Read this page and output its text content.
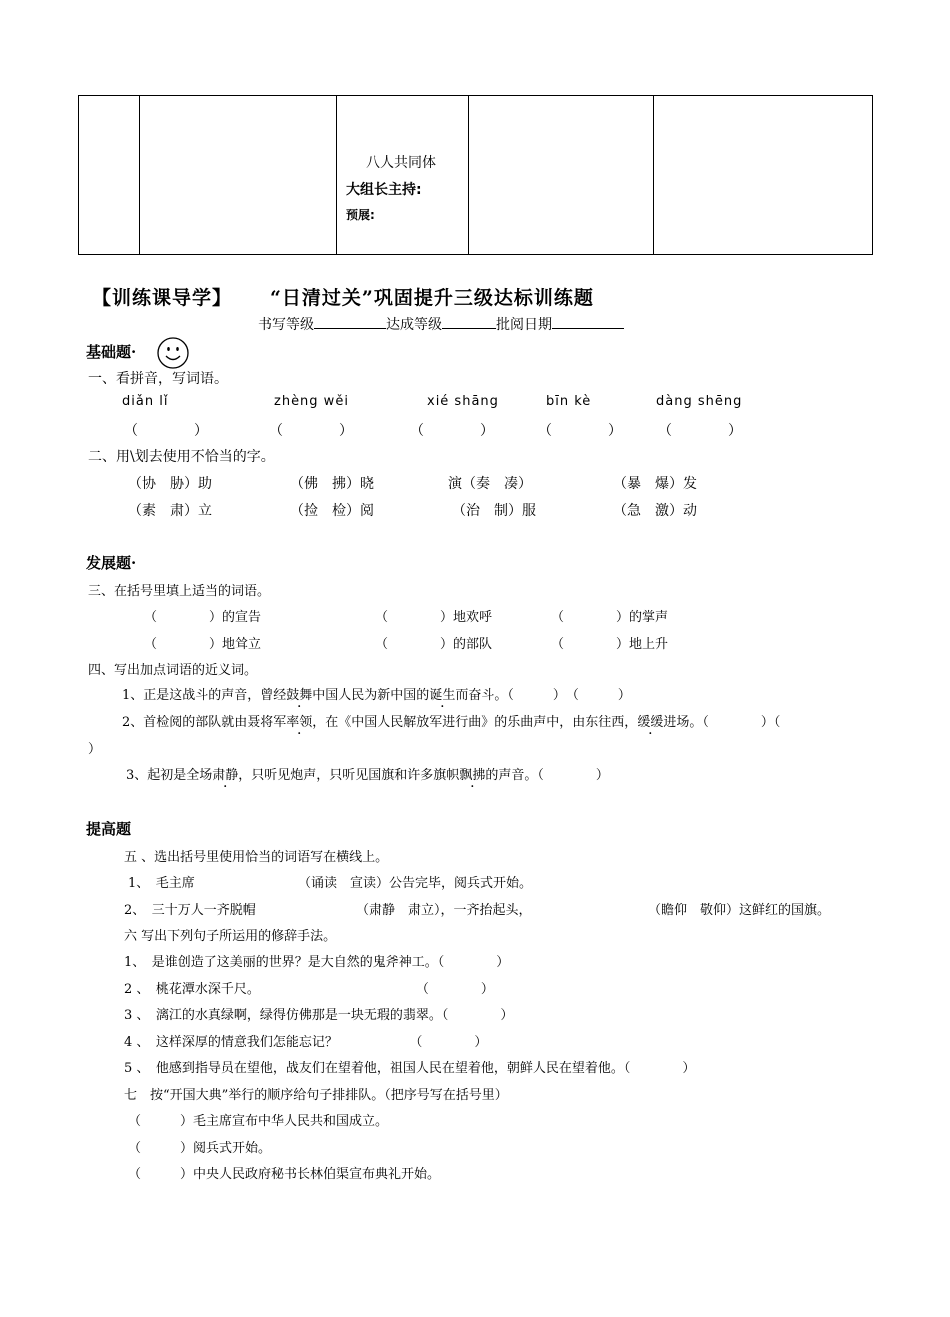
八人共同体
大组长主持:
预展:
【训练课导学】 “日清过关”巩固提升三级达标训练题
书写等级	达成等级	批阅日期
基础题·
一、看拼音，写词语。
diǎn lǐ	zhèng wěi	xié shāng	bīn kè	dàng shēng
（　　　　）	（　　　　）	（　　　　）	（　　　　）	（　　　　）
二、用\划去使用不恰当的字。
（协　胁）助	（佛　拂）晓	演（奏　凑）	（暴　爆）发
（素　肃）立	（捡　检）阅	（治　制）服	（急　激）动
发展题·
三、在括号里填上适当的词语。
（　　　　）的宣告	（　　　　）地欢呼	（　　　　）的掌声
（　　　　）地耸立	（　　　　）的部队	（　　　　）地上升
四、写出加点词语的近义词。
1、正是这战斗的声音，曾经鼓舞中国人民为新中国的诞生而奋斗。（　　　）　（　　　）
2、首检阅的部队就由聂将军率领，在《中国人民解放军进行曲》的乐曲声中，由东往西，缓缓进场。（　　　　）（
）
3、起初是全场肃静，只听见炮声，只听见国旗和许多旗帜飘拂的声音。（　　　　）
提高题
五 、选出括号里使用恰当的词语写在横线上。
1、　毛主席	（诵读　宣读）公告完毕，阅兵式开始。
2、　三十万人一齐脱帽	（肃静　肃立），一齐抬起头，	（瞻仰　敬仰）这鲜红的国旗。
六 写出下列句子所运用的修辞手法。
1、　是谁创造了这美丽的世界？是大自然的鬼斧神工。（　　　　）
2 、　桃花潭水深千尺。　　　　　　　　　　　　　（　　　　）
3 、　漓江的水真绿啊，绿得仿佛那是一块无瑕的翡翠。（　　　　）
4 、　这样深厚的情意我们怎能忘记？　　　　　　（　　　　）
5 、　他感到指导员在望他，战友们在望着他，祖国人民在望着他，朝鲜人民在望着他。（　　　　）
七　按“开国大典”举行的顺序给句子排排队。（把序号写在括号里）
（　　　）毛主席宣布中华人民共和国成立。
（　　　）阅兵式开始。
（　　　）中央人民政府秘书长林伯渠宣布典礼开始。
